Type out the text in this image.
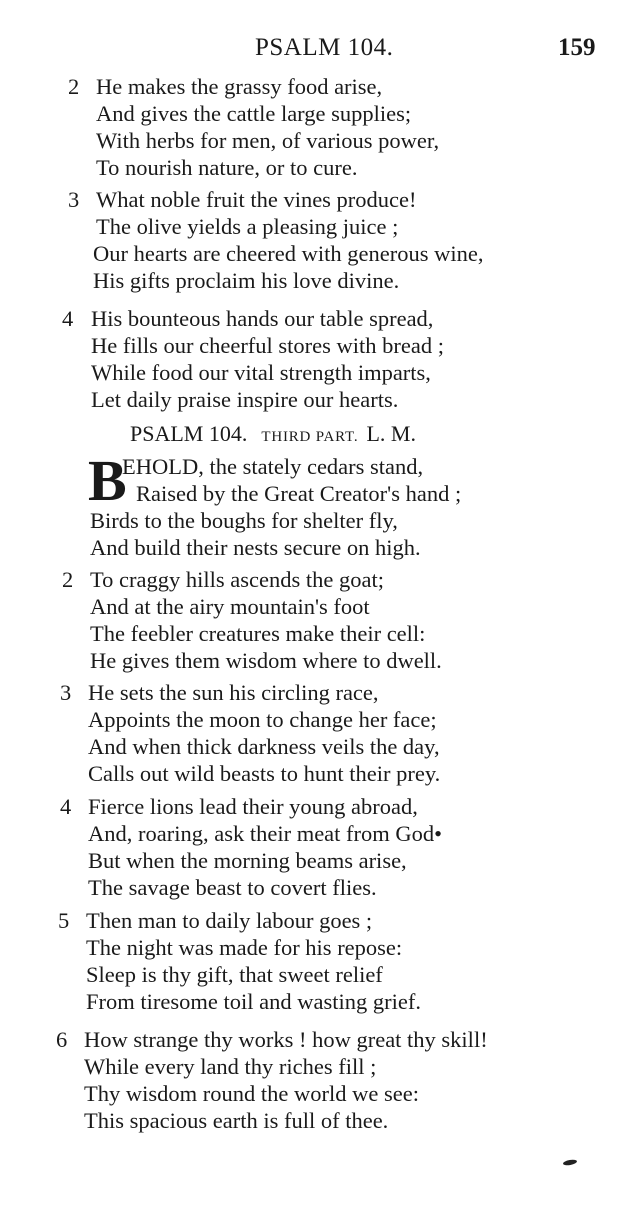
PSALM 104.	159
2 He makes the grassy food arise,
And gives the cattle large supplies;
With herbs for men, of various power,
To nourish nature, or to cure.
3 What noble fruit the vines produce!
The olive yields a pleasing juice ;
Our hearts are cheered with generous wine,
His gifts proclaim his love divine.
4 His bounteous hands our table spread,
He fills our cheerful stores with bread ;
While food our vital strength imparts,
Let daily praise inspire our hearts.
PSALM 104. THIRD PART. L. M.
B
EHOLD, the stately cedars stand,
Raised by the Great Creator's hand ;
Birds to the boughs for shelter fly,
And build their nests secure on high.
2 To craggy hills ascends the goat;
And at the airy mountain's foot
The feebler creatures make their cell:
He gives them wisdom where to dwell.
3 He sets the sun his circling race,
Appoints the moon to change her face;
And when thick darkness veils the day,
Calls out wild beasts to hunt their prey.
4 Fierce lions lead their young abroad,
And, roaring, ask their meat from God•
But when the morning beams arise,
The savage beast to covert flies.
5 Then man to daily labour goes ;
The night was made for his repose:
Sleep is thy gift, that sweet relief
From tiresome toil and wasting grief.
6 How strange thy works ! how great thy skill!
While every land thy riches fill ;
Thy wisdom round the world we see:
This spacious earth is full of thee.
